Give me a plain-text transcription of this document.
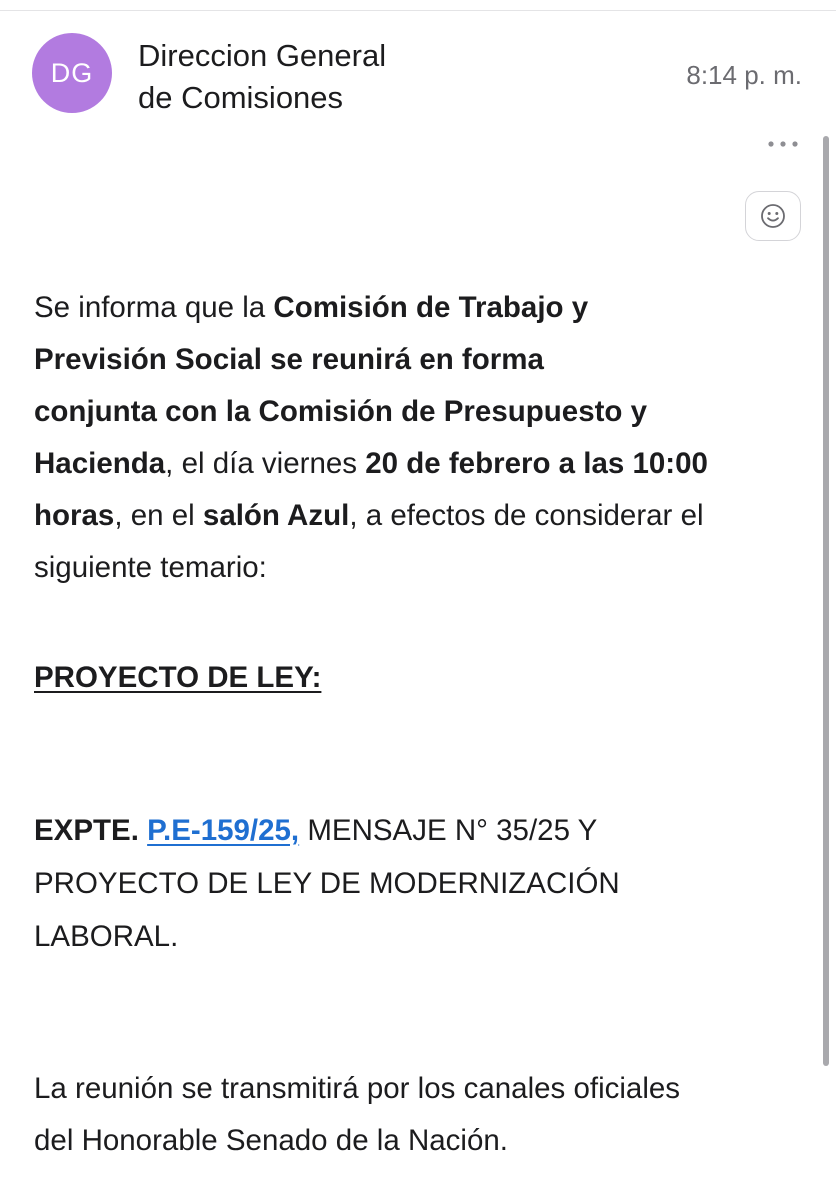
DG	Direccion General
de Comisiones
8:14 p. m.

Se informa que la Comisión de Trabajo y

Previsión Social se reunirá en forma

conjunta con la Comisión de Presupuesto y

Hacienda, el día viernes 20 de febrero a las 10:00

horas, en el salón Azul, a efectos de considerar el

siguiente temario:

PROYECTO DE LEY:
EXPTE. P.E-159/25, MENSAJE N° 35/25 Y
PROYECTO DE LEY DE MODERNIZACIÓN
LABORAL.
La reunión se transmitirá por los canales oficiales
del Honorable Senado de la Nación.
